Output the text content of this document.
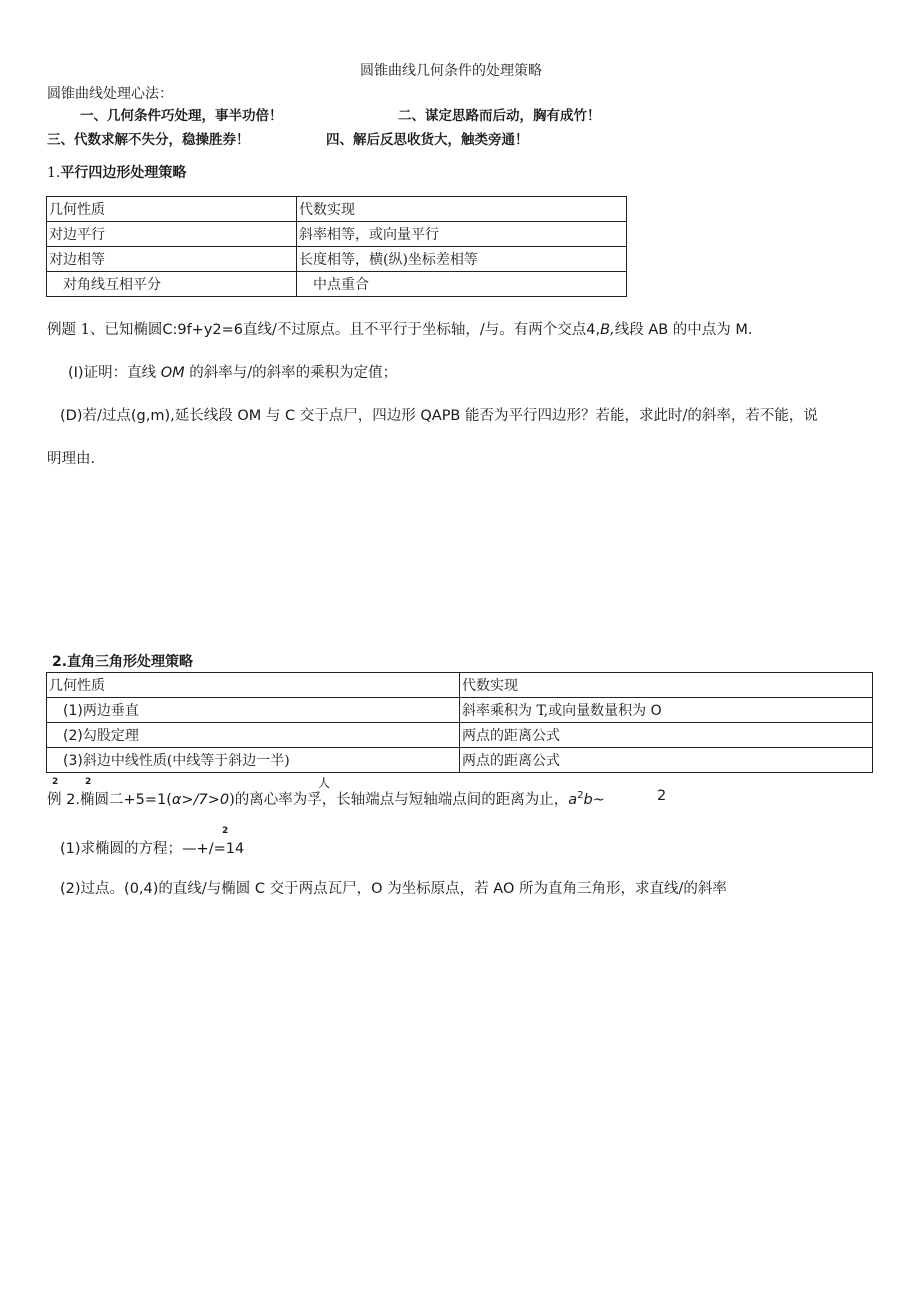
圆锥曲线几何条件的处理策略
圆锥曲线处理心法：
一、几何条件巧处理，事半功倍！	二、谋定思路而后动，胸有成竹！
三、代数求解不失分，稳操胜券！	四、解后反思收货大，触类旁通！
1.平行四边形处理策略
几何性质	代数实现
对边平行	斜率相等，或向量平行
对边相等	长度相等，横(纵)坐标差相等
对角线互相平分	中点重合
例题 1、已知椭圆C:9f+y2=6直线/不过原点。且不平行于坐标轴，/与。有两个交点4,B,线段 AB 的中点为 M.
(I)证明：直线 OM 的斜率与/的斜率的乘积为定值；
(D)若/过点(g,m),延长线段 OM 与 C 交于点尸，四边形 QAPB 能否为平行四边形？若能，求此时/的斜率，若不能，说
明理由.
2.直角三角形处理策略
几何性质	代数实现
(1)两边垂直	斜率乘积为 T,或向量数量积为 O
(2)勾股定理	两点的距离公式
(3)斜边中线性质(中线等于斜边一半)	两点的距离公式
2	2	人
例 2.椭圆二+5=1(α>/7>0)的离心率为孚，长轴端点与短轴端点间的距离为止，$a^2b\sim$	2
2
(1)求椭圆的方程；—+/=14
(2)过点。(0,4)的直线/与椭圆 C 交于两点瓦尸，O 为坐标原点，若 AO 所为直角三角形，求直线/的斜率
